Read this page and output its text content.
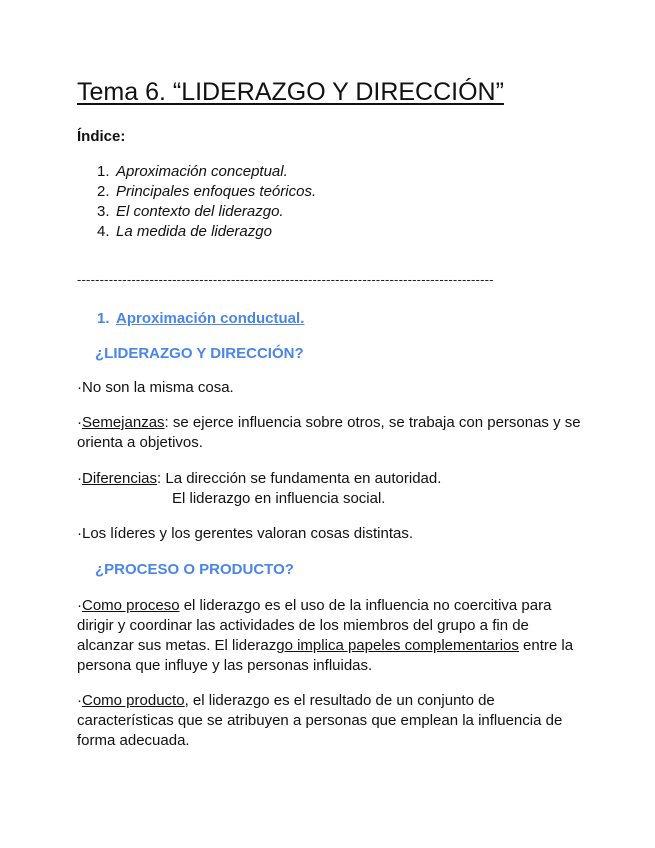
Tema 6. “LIDERAZGO Y DIRECCIÓN”
Índice:
1. Aproximación conceptual.
2. Principales enfoques teóricos.
3. El contexto del liderazgo.
4. La medida de liderazgo
--------------------------------------------------------------------------------------------
1. Aproximación conductual.
¿LIDERAZGO Y DIRECCIÓN?

·No son la misma cosa.

·Semejanzas: se ejerce influencia sobre otros, se trabaja con personas y se orienta a objetivos.

·Diferencias: La dirección se fundamenta en autoridad.

El liderazgo en influencia social.

·Los líderes y los gerentes valoran cosas distintas.

¿PROCESO O PRODUCTO?

·Como proceso el liderazgo es el uso de la influencia no coercitiva para dirigir y coordinar las actividades de los miembros del grupo a fin de alcanzar sus metas. El liderazgo implica papeles complementarios entre la persona que influye y las personas influidas.

·Como producto, el liderazgo es el resultado de un conjunto de características que se atribuyen a personas que emplean la influencia de forma adecuada.
